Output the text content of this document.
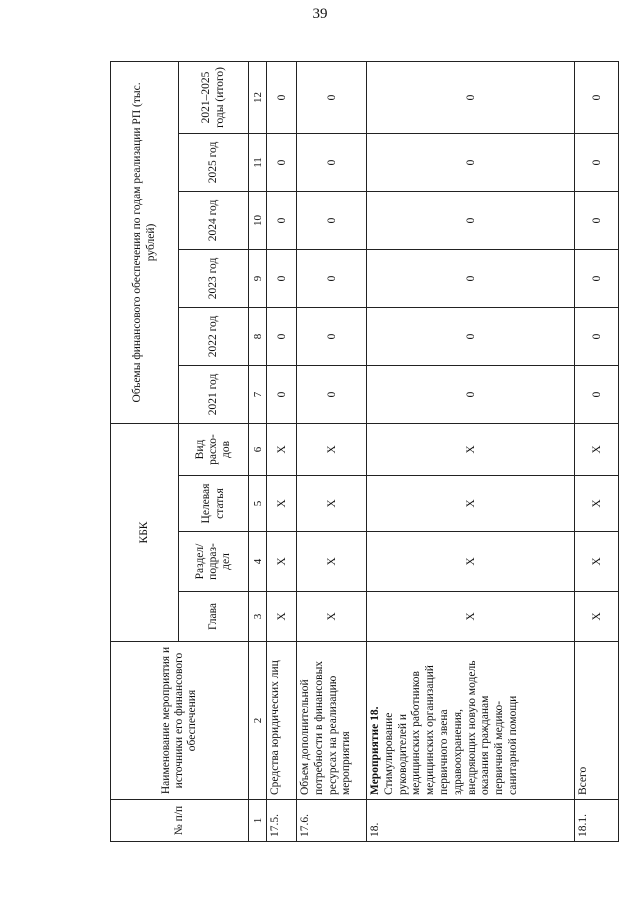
39
№ п/п	Наименование мероприятия и источники его финансового обеспечения	КБК				Объемы финансового обеспечения по годам реализации РП (тыс. рублей)					
		Глава	Раздел/ подраз-дел	Целевая статья	Вид расхо-дов	2021 год	2022 год	2023 год	2024 год	2025 год	2021–2025 годы (итого)
1	2	3	4	5	6	7	8	9	10	11	12
17.5.	Средства юридических лиц	Х	Х	Х	Х	0	0	0	0	0	0
17.6.	Объем дополнительной потребности в финансовых ресурсах на реализацию мероприятия	Х	Х	Х	Х	0	0	0	0	0	0
18.	Мероприятие 18. Стимулирование руководителей и медицинских работников медицинских организаций первичного звена здравоохранения, внедряющих новую модель оказания гражданам первичной медико-санитарной помощи	Х	Х	Х	Х	0	0	0	0	0	0
18.1.	Всего	Х	Х	Х	Х	0	0	0	0	0	0
